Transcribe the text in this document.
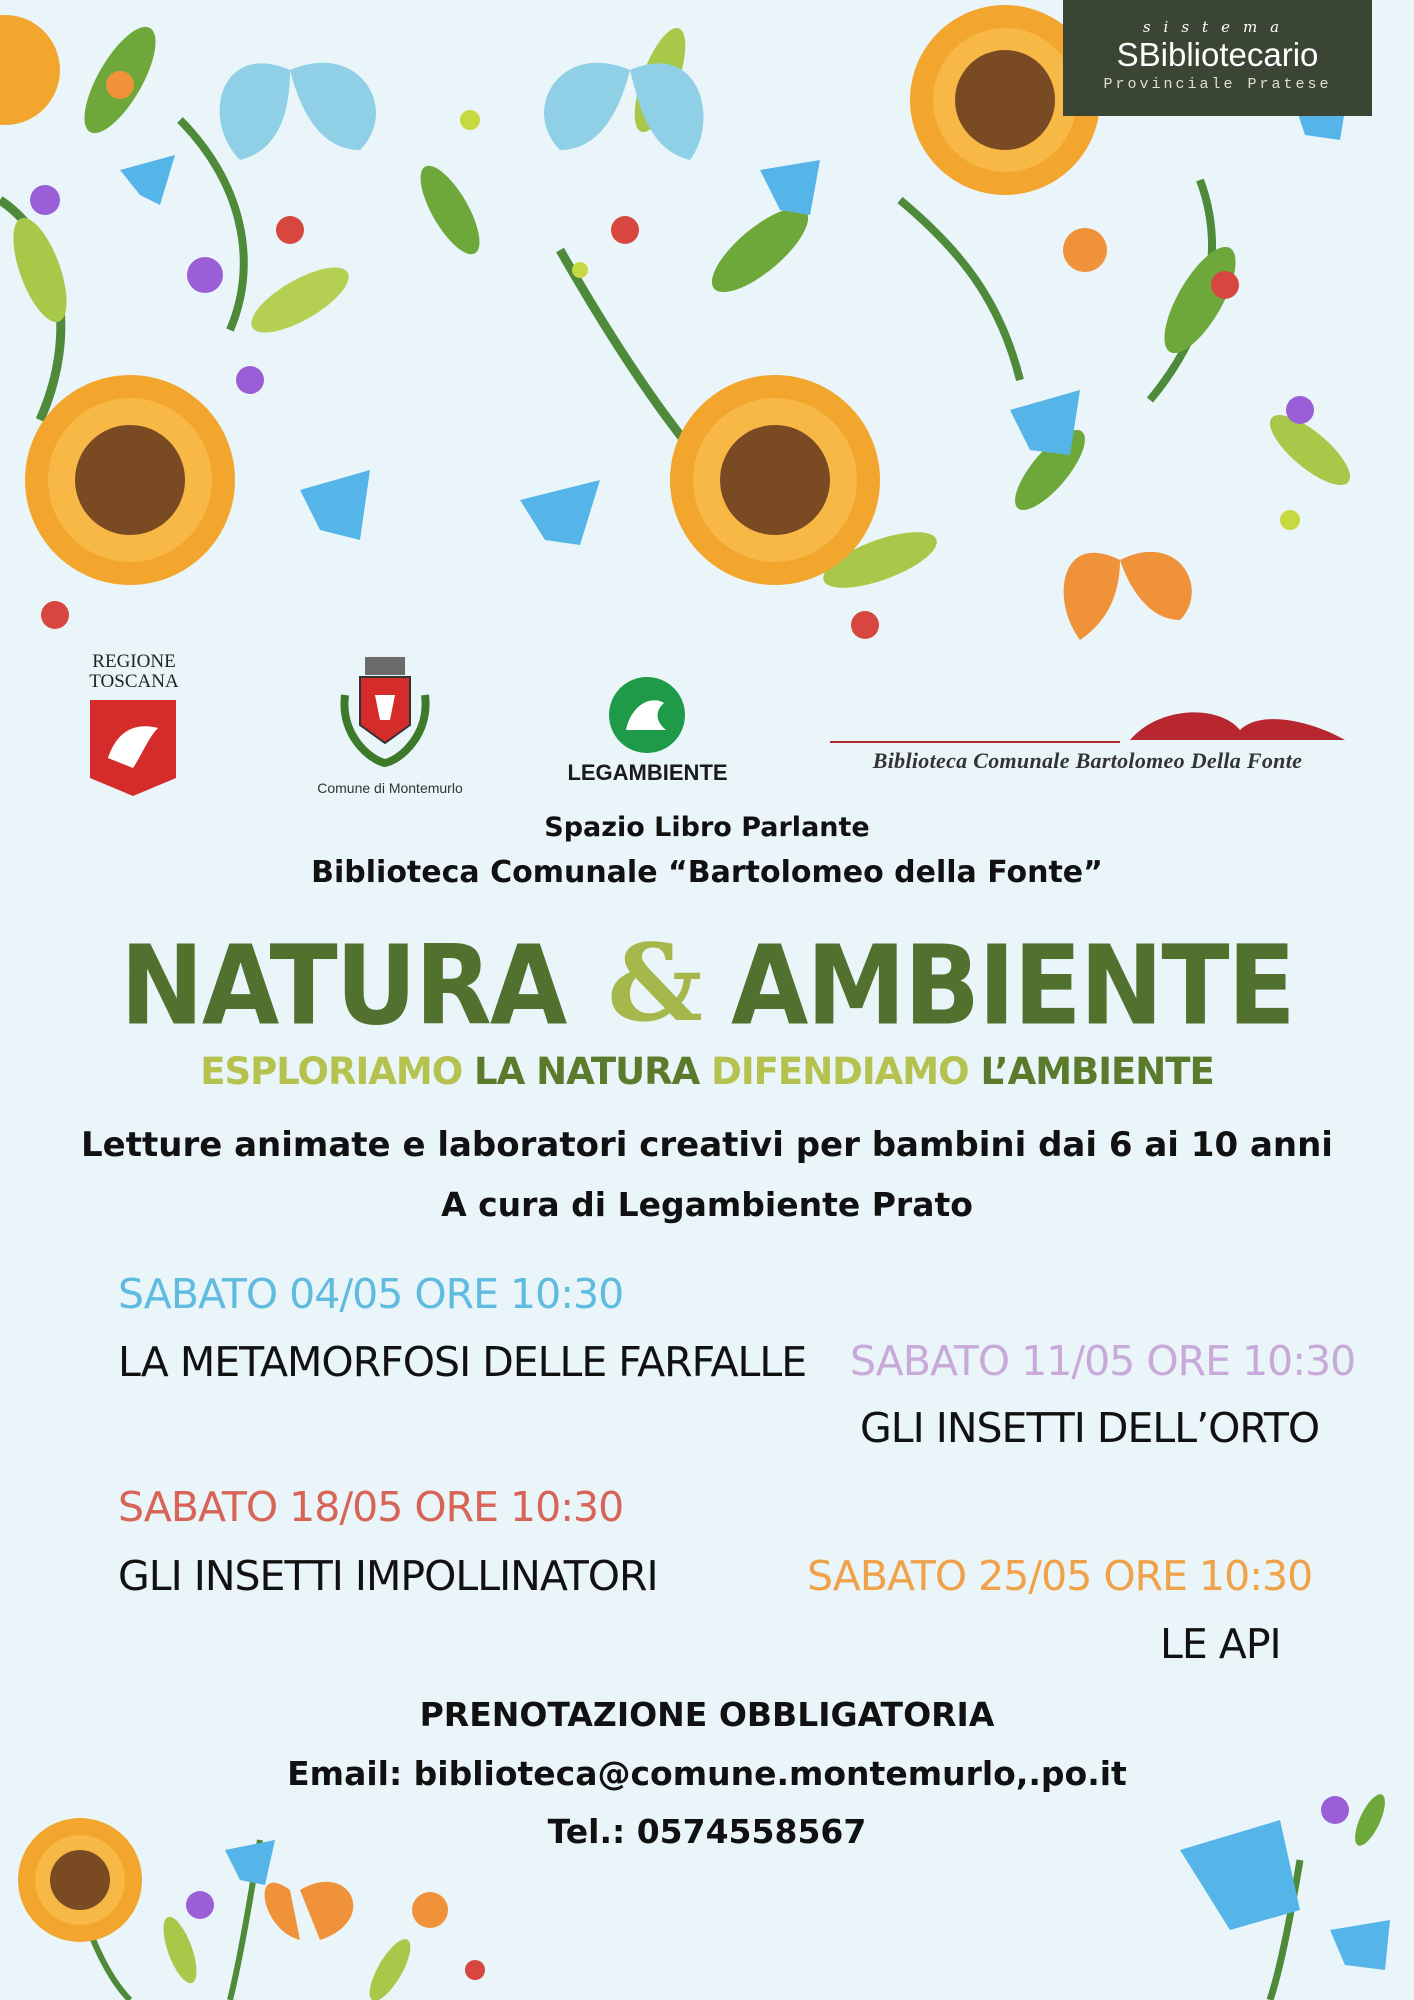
sistema
SBibliotecario
Provinciale Pratese
REGIONE TOSCANA
Comune di Montemurlo
LEGAMBIENTE	Biblioteca Comunale Bartolomeo Della Fonte
Spazio Libro Parlante
Biblioteca Comunale “Bartolomeo della Fonte”
NATURA & AMBIENTE
ESPLORIAMO LA NATURA DIFENDIAMO L’AMBIENTE
Letture animate e laboratori creativi per bambini dai 6 ai 10 anni
A cura di Legambiente Prato
SABATO 04/05 ORE 10:30
LA METAMORFOSI DELLE FARFALLE SABATO 11/05 ORE 10:30
GLI INSETTI DELL’ORTO
SABATO 18/05 ORE 10:30
GLI INSETTI IMPOLLINATORI	SABATO 25/05 ORE 10:30
LE API
PRENOTAZIONE OBBLIGATORIA
Email: biblioteca@comune.montemurlo,.po.it
Tel.: 0574558567
